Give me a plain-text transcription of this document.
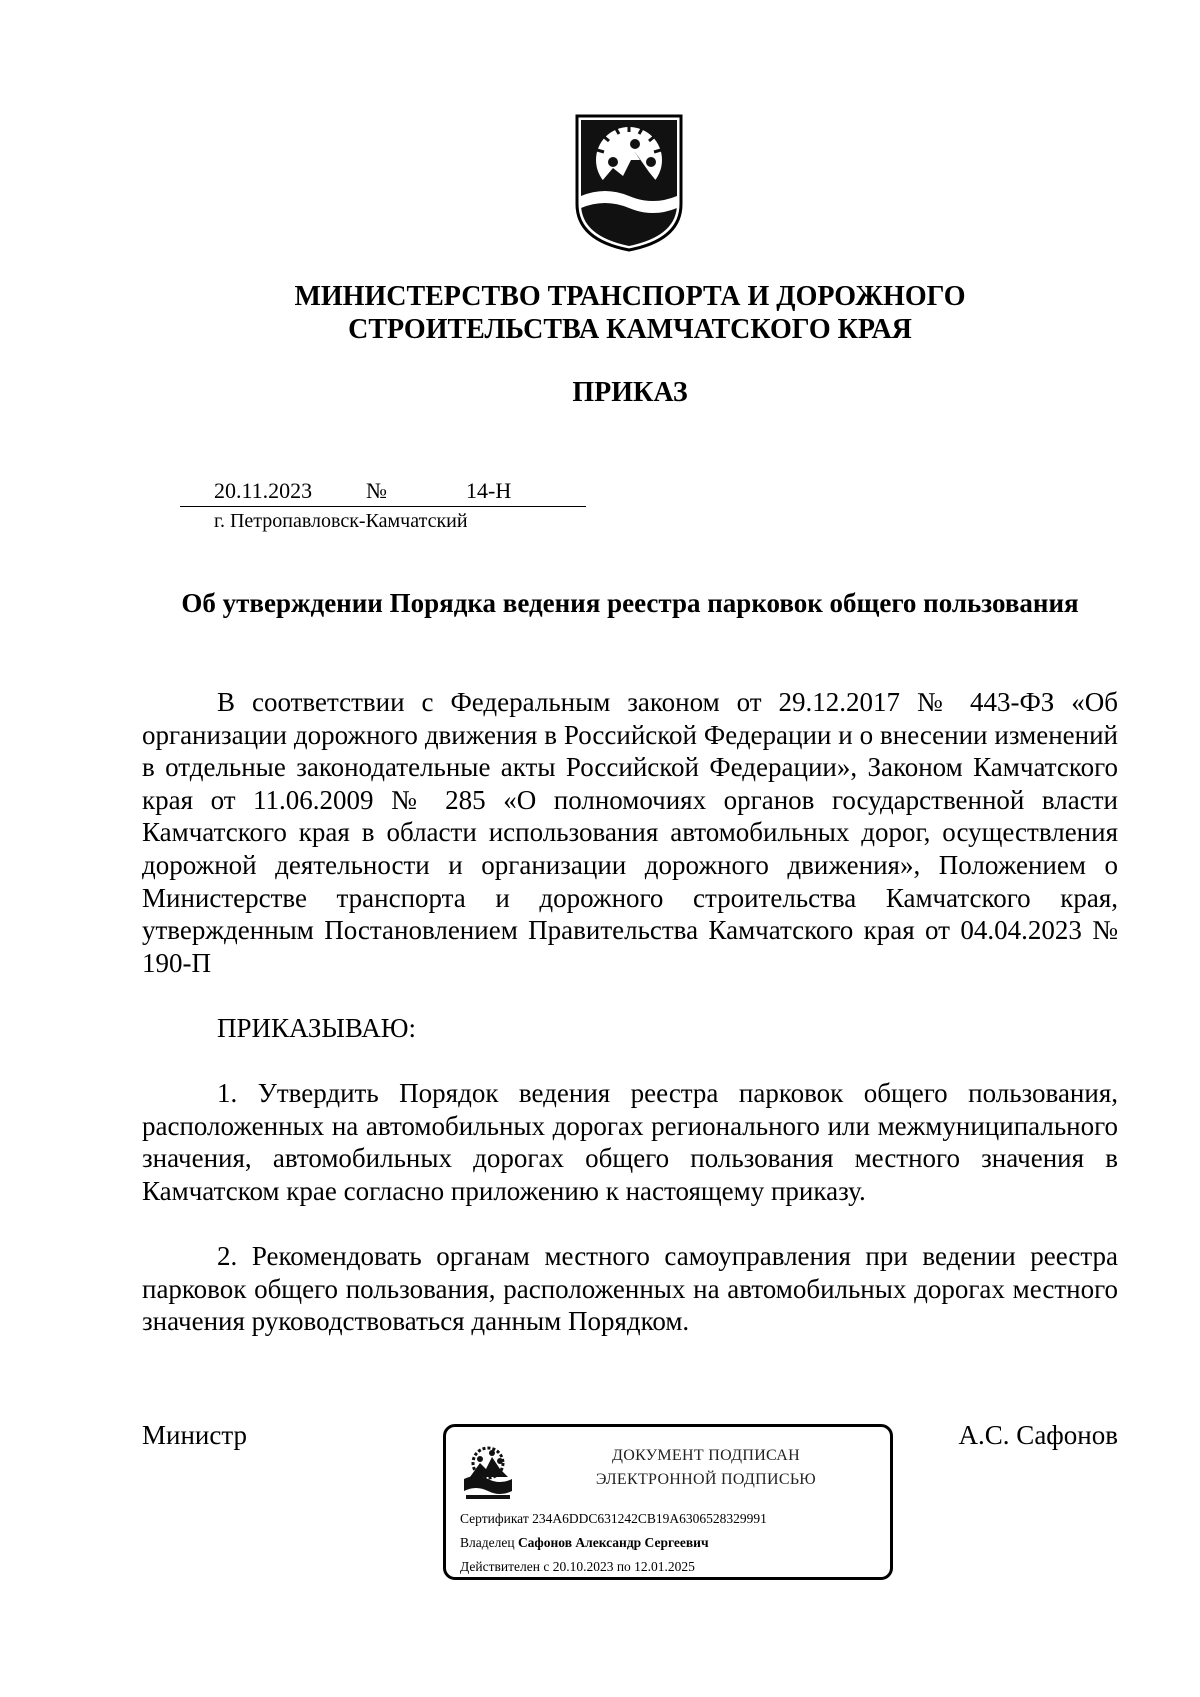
МИНИСТЕРСТВО ТРАНСПОРТА И ДОРОЖНОГО
СТРОИТЕЛЬСТВА КАМЧАТСКОГО КРАЯ
ПРИКАЗ
20.11.2023 №	14-Н
г. Петропавловск-Камчатский
Об утверждении Порядка ведения реестра парковок общего пользования

В соответствии с Федеральным законом от 29.12.2017 № 443-ФЗ «Об организации дорожного движения в Российской Федерации и о внесении изменений в отдельные законодательные акты Российской Федерации», Законом Камчатского края от 11.06.2009 № 285 «О полномочиях органов государственной власти Камчатского края в области использования автомобильных дорог, осуществления дорожной деятельности и организации дорожного движения», Положением о Министерстве транспорта и дорожного строительства Камчатского края, утвержденным Постановлением Правительства Камчатского края от 04.04.2023 № 190-П

ПРИКАЗЫВАЮ:

1. Утвердить Порядок ведения реестра парковок общего пользования, расположенных на автомобильных дорогах регионального или межмуниципального значения, автомобильных дорогах общего пользования местного значения в Камчатском крае согласно приложению к настоящему приказу.

2. Рекомендовать органам местного самоуправления при ведении реестра парковок общего пользования, расположенных на автомобильных дорогах местного значения руководствоваться данным Порядком.

Министр	А.С. Сафонов
ДОКУМЕНТ ПОДПИСАН
ЭЛЕКТРОННОЙ ПОДПИСЬЮ
Сертификат 234A6DDC631242CB19A6306528329991
Владелец Сафонов Александр Сергеевич
Действителен с 20.10.2023 по 12.01.2025
